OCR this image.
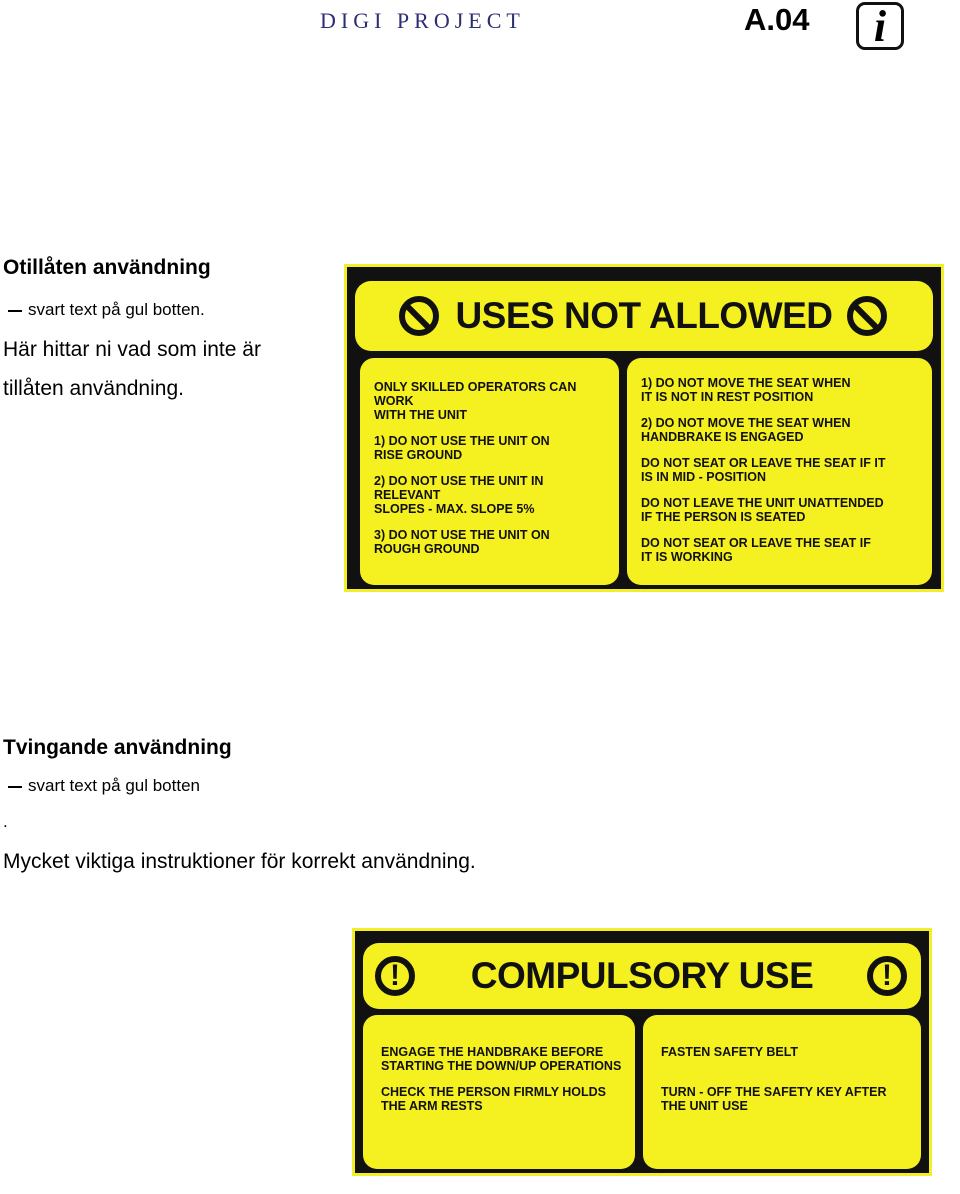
DIGI PROJECT	A.04	i
Otillåten användning
svart text på gul botten.
Här hittar ni vad som inte är
tillåten användning.
USES NOT ALLOWED
ONLY SKILLED OPERATORS CAN WORK
WITH THE UNIT
1) DO NOT USE THE UNIT ON
RISE GROUND
2) DO NOT USE THE UNIT IN RELEVANT
SLOPES - MAX. SLOPE 5%
3) DO NOT USE THE UNIT ON
ROUGH GROUND
1) DO NOT MOVE THE SEAT WHEN
IT IS NOT IN REST POSITION
2) DO NOT MOVE THE SEAT WHEN
HANDBRAKE IS ENGAGED
DO NOT SEAT OR LEAVE THE SEAT IF IT
IS IN MID - POSITION
DO NOT LEAVE THE UNIT UNATTENDED
IF THE PERSON IS SEATED
DO NOT SEAT OR LEAVE THE SEAT IF
IT IS WORKING
Tvingande användning
svart text på gul botten
.
Mycket viktiga instruktioner för korrekt användning.
! COMPULSORY USE	!
ENGAGE THE HANDBRAKE BEFORE
STARTING THE DOWN/UP OPERATIONS
CHECK THE PERSON FIRMLY HOLDS
THE ARM RESTS
FASTEN SAFETY BELT
TURN - OFF THE SAFETY KEY AFTER
THE UNIT USE
